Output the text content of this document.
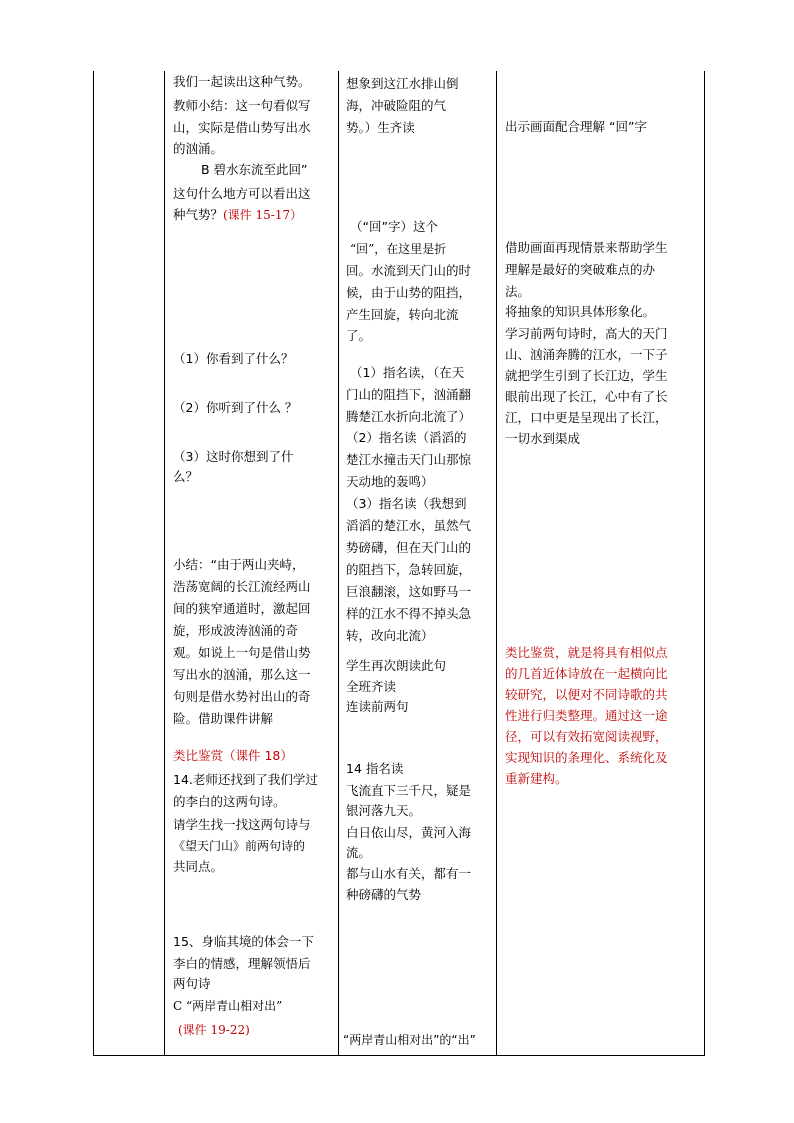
我们一起读出这种气势。
教师小结：这一句看似写
山，实际是借山势写出水
的汹涌。
B 碧水东流至此回”
这句什么地方可以看出这
种气势？(课件 15-17）
（1）你看到了什么？
（2）你听到了什么 ？
（3）这时你想到了什
么？
小结：“由于两山夹峙，
浩荡宽阔的长江流经两山
间的狭窄通道时，激起回
旋，形成波涛汹涌的奇
观。如说上一句是借山势
写出水的汹涌，那么这一
句则是借水势衬出山的奇
险。借助课件讲解
类比鉴赏（课件 18）
14.老师还找到了我们学过
的李白的这两句诗。
请学生找一找这两句诗与
《望天门山》前两句诗的
共同点。
15、身临其境的体会一下
李白的情感，理解领悟后
两句诗
C “两岸青山相对出”
(课件 19-22)
想象到这江水排山倒
海，冲破险阻的气
势。）生齐读
（“回”字）这个
“回”，在这里是折
回。水流到天门山的时
候，由于山势的阻挡，
产生回旋，转向北流
了。
（1）指名读，（在天
门山的阻挡下，汹涌翻
腾楚江水折向北流了）
（2）指名读（滔滔的
楚江水撞击天门山那惊
天动地的轰鸣）
（3）指名读（我想到
滔滔的楚江水，虽然气
势磅礴，但在天门山的
的阻挡下，急转回旋，
巨浪翻滚，这如野马一
样的江水不得不掉头急
转，改向北流）
学生再次朗读此句
全班齐读
连读前两句
14 指名读
飞流直下三千尺，疑是
银河落九天。
白日依山尽，黄河入海
流。
都与山水有关，都有一
种磅礴的气势
“两岸青山相对出”的“出”
出示画面配合理解 “回”字
借助画面再现情景来帮助学生
理解是最好的突破难点的办
法。
将抽象的知识具体形象化。
学习前两句诗时，高大的天门
山、汹涌奔腾的江水，一下子
就把学生引到了长江边，学生
眼前出现了长江，心中有了长
江，口中更是呈现出了长江，
一切水到渠成
类比鉴赏，就是将具有相似点
的几首近体诗放在一起横向比
较研究，以便对不同诗歌的共
性进行归类整理。通过这一途
径，可以有效拓宽阅读视野，
实现知识的条理化、系统化及
重新建构。
